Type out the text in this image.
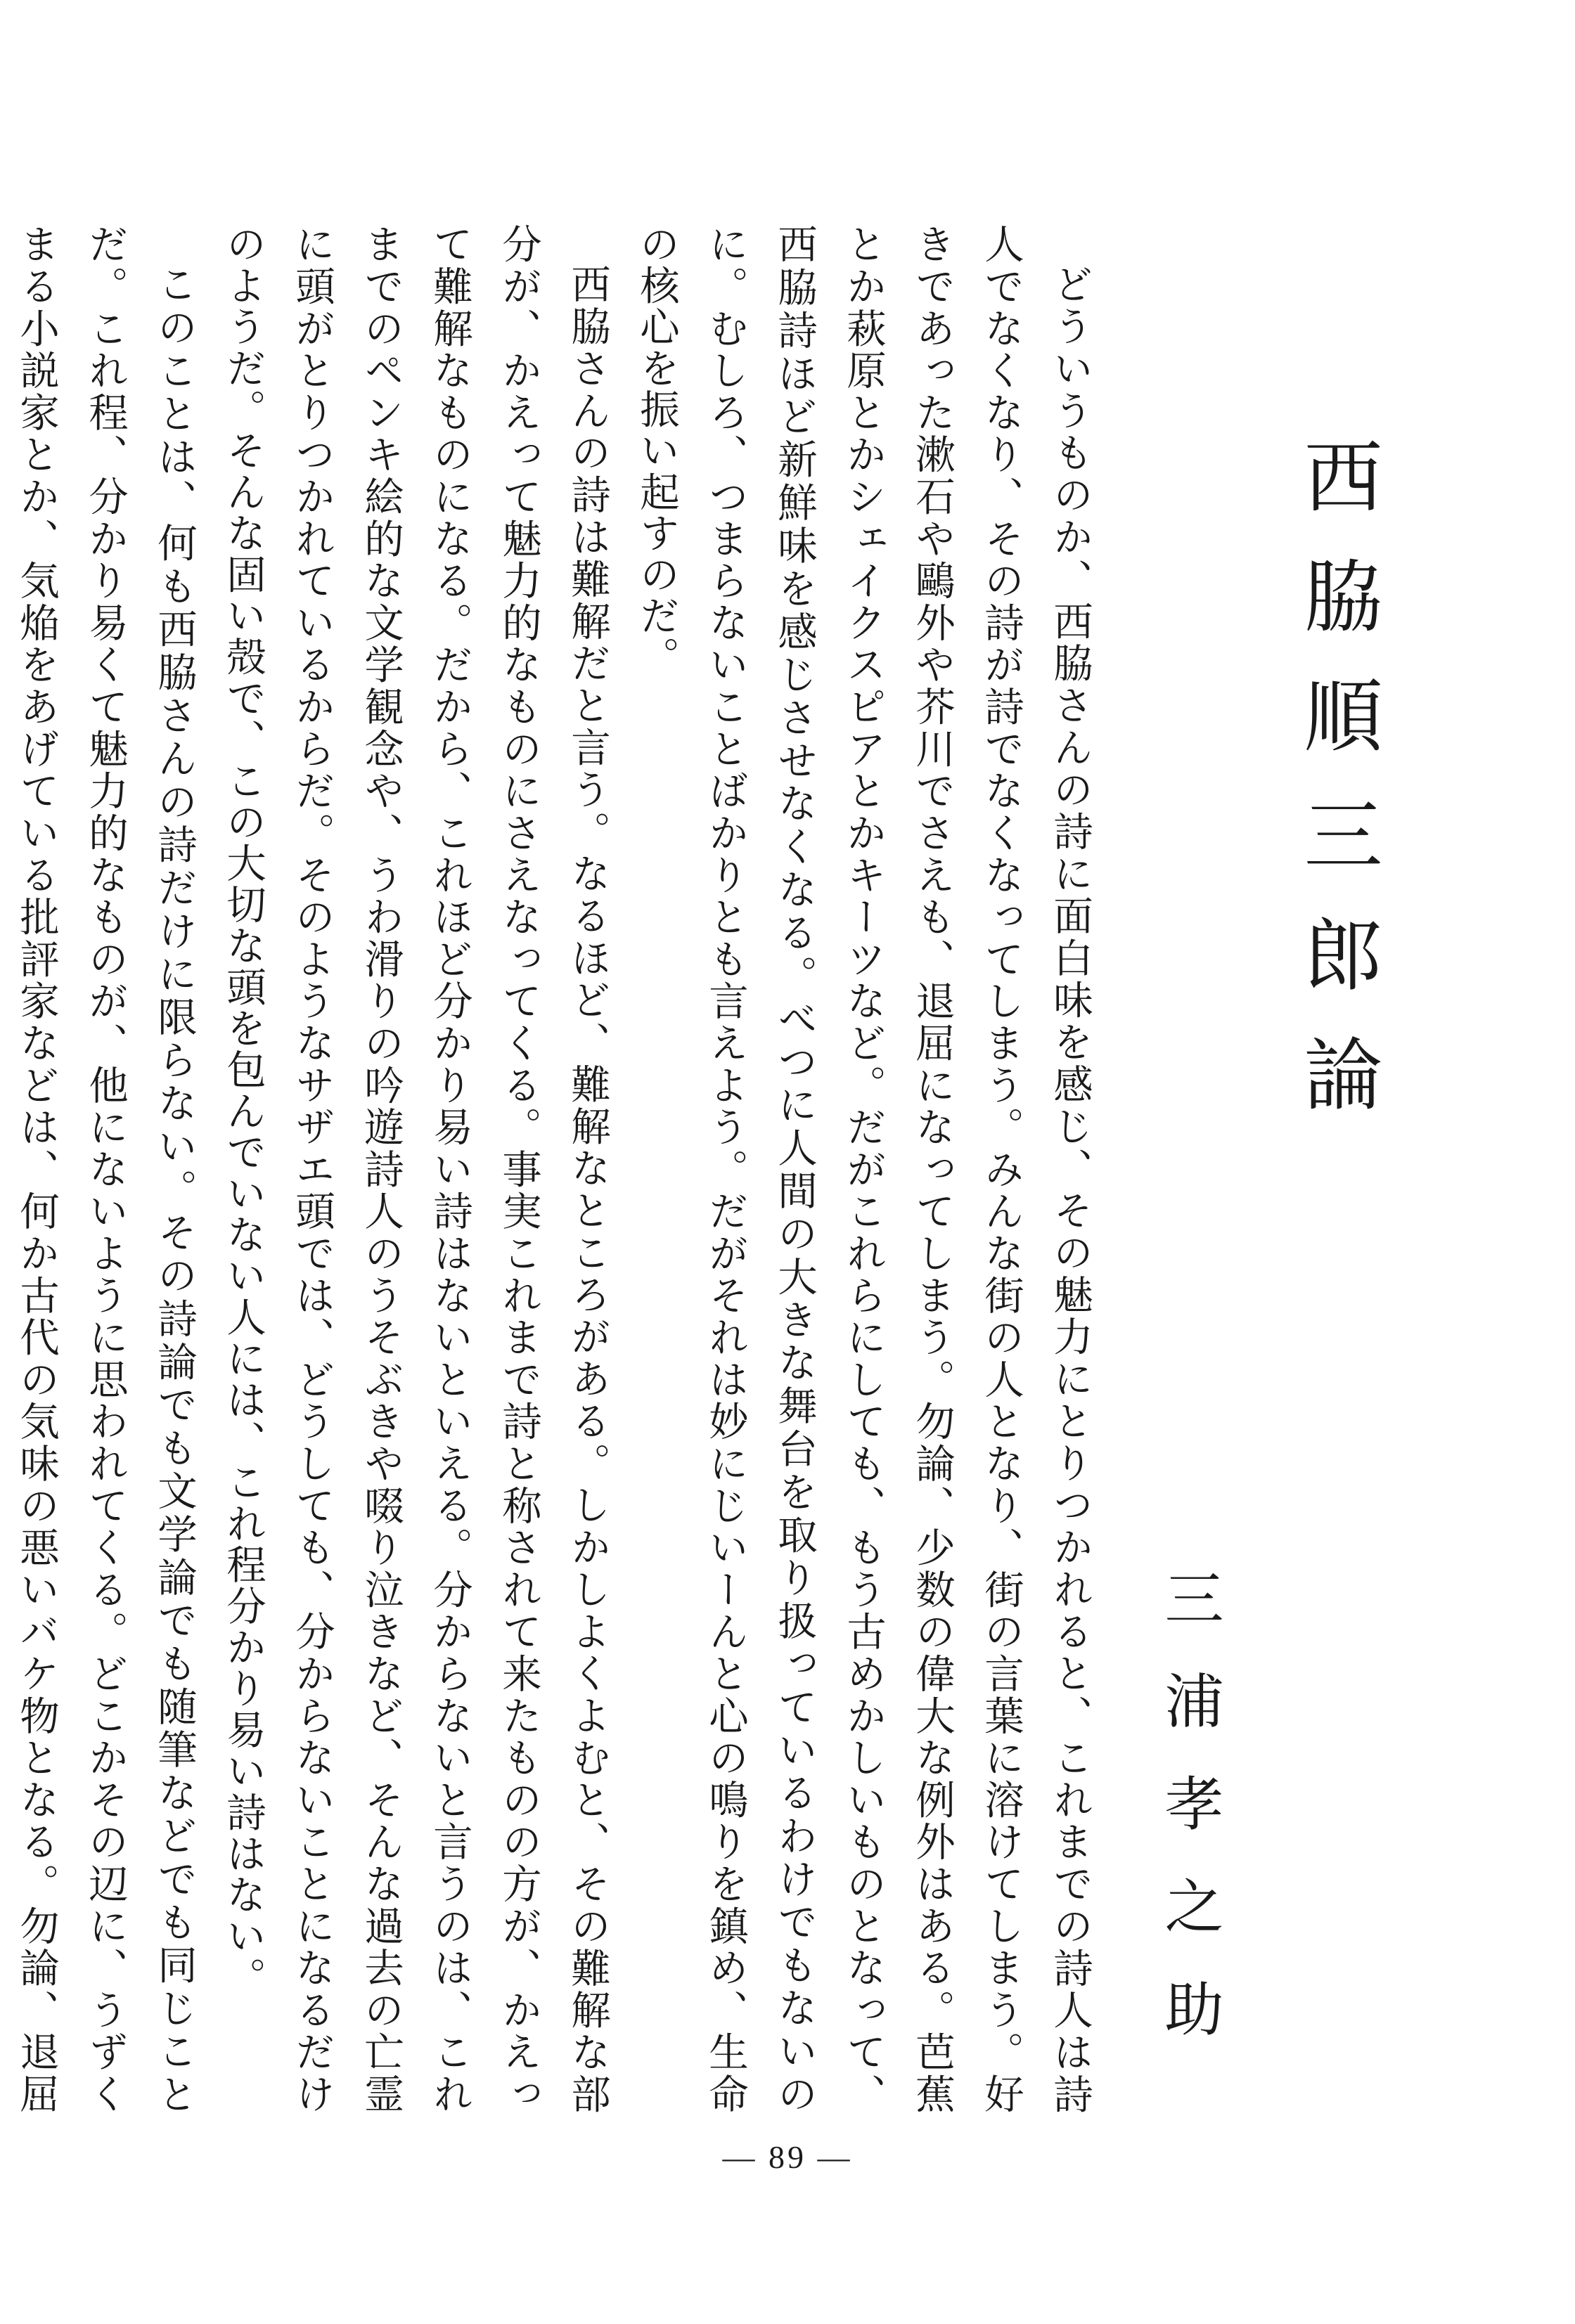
西脇順三郎論
三浦孝之助

どういうものか、西脇さんの詩に面白味を感じ、その魅力にとりつかれると、これまでの詩人は詩人でなくなり、その詩が詩でなくなってしまう。みんな街の人となり、街の言葉に溶けてしまう。好きであった漱石や鷗外や芥川でさえも、退屈になってしまう。勿論、少数の偉大な例外はある。芭蕉とか萩原とかシェイクスピアとかキーツなど。だがこれらにしても、もう古めかしいものとなって、西脇詩ほど新鮮味を感じさせなくなる。べつに人間の大きな舞台を取り扱っているわけでもないのに。むしろ、つまらないことばかりとも言えよう。だがそれは妙にじいーんと心の鳴りを鎮め、生命の核心を振い起すのだ。

西脇さんの詩は難解だと言う。なるほど、難解なところがある。しかしよくよむと、その難解な部分が、かえって魅力的なものにさえなってくる。事実これまで詩と称されて来たものの方が、かえって難解なものになる。だから、これほど分かり易い詩はないといえる。分からないと言うのは、これまでのペンキ絵的な文学観念や、うわ滑りの吟遊詩人のうそぶきや啜り泣きなど、そんな過去の亡霊に頭がとりつかれているからだ。そのようなサザエ頭では、どうしても、分からないことになるだけのようだ。そんな固い殻で、この大切な頭を包んでいない人には、これ程分かり易い詩はない。

このことは、何も西脇さんの詩だけに限らない。その詩論でも文学論でも随筆などでも同じことだ。これ程、分かり易くて魅力的なものが、他にないように思われてくる。どこかその辺に、うずくまる小説家とか、気焔をあげている批評家などは、何か古代の気味の悪いバケ物となる。勿論、退屈

— 89 —
